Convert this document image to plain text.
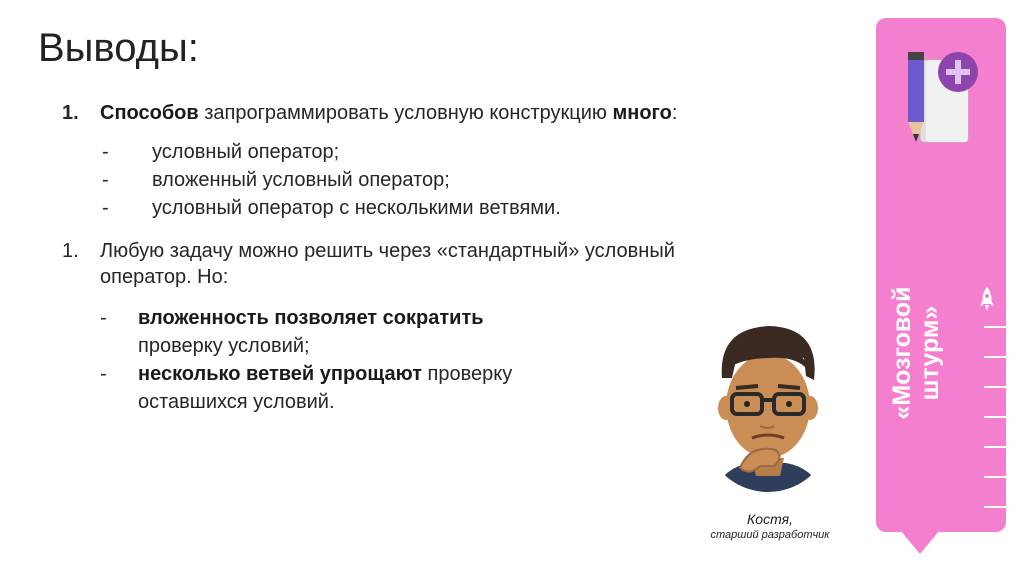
Выводы:
1.	Способов запрограммировать условную конструкцию много:
-	условный оператор;
-	вложенный условный оператор;
-	условный оператор с несколькими ветвями.
1.	Любую задачу можно решить через «стандартный» условный
оператор. Но:
-	вложенность позволяет сократить
проверку условий;
-	несколько ветвей упрощают проверку
оставшихся условий.
Костя,
старший разработчик
«Мозговой штурм»
